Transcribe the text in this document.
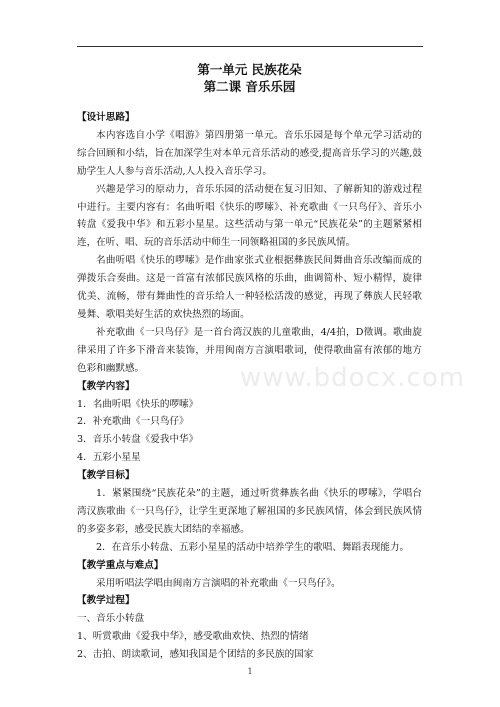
www.bdocx.com
第一单元 民族花朵
第二课 音乐乐园
【设计思路】

本内容选自小学《唱游》第四册第一单元。音乐乐园是每个单元学习活动的综合回顾和小结，旨在加深学生对本单元音乐活动的感受,提高音乐学习的兴趣,鼓励学生人人参与音乐活动,人人投入音乐学习。

兴趣是学习的原动力，音乐乐园的活动便在复习旧知、了解新知的游戏过程中进行。主要内容有：名曲听唱《快乐的啰嗦》、补充歌曲《一只鸟仔》、音乐小转盘《爱我中华》和五彩小星星。这些活动与第一单元“民族花朵”的主题紧紧相连，在听、唱、玩的音乐活动中师生一同领略祖国的多民族风情。

名曲听唱《快乐的啰嗦》是作曲家张式业根据彝族民间舞曲音乐改编而成的弹拨乐合奏曲。这是一首富有浓郁民族风格的乐曲，曲调简朴、短小精悍，旋律优美、流畅，带有舞曲性的音乐给人一种轻松活泼的感觉，再现了彝族人民轻歌曼舞、歌唱美好生活的欢快热烈的场面。

补充歌曲《一只鸟仔》是一首台湾汉族的儿童歌曲，4/4拍，D徵调。歌曲旋律采用了许多下滑音来装饰，并用闽南方言演唱歌词，使得歌曲富有浓郁的地方色彩和幽默感。

【教学内容】

1．名曲听唱《快乐的啰嗦》

2．补充歌曲《一只鸟仔》

3．音乐小转盘《爱我中华》

4．五彩小星星

【教学目标】

1．紧紧围绕“民族花朵”的主题，通过听赏彝族名曲《快乐的啰嗦》，学唱台湾汉族歌曲《一只鸟仔》，让学生更深地了解祖国的多民族风情，体会到民族风情的多姿多彩，感受民族大团结的幸福感。

2．在音乐小转盘、五彩小星星的活动中培养学生的歌唱、舞蹈表现能力。

【教学重点与难点】

采用听唱法学唱由闽南方言演唱的补充歌曲《一只鸟仔》。

【教学过程】

一、音乐小转盘

1、听赏歌曲《爱我中华》，感受歌曲欢快、热烈的情绪

2、击拍、朗读歌词，感知我国是个团结的多民族的国家

1
